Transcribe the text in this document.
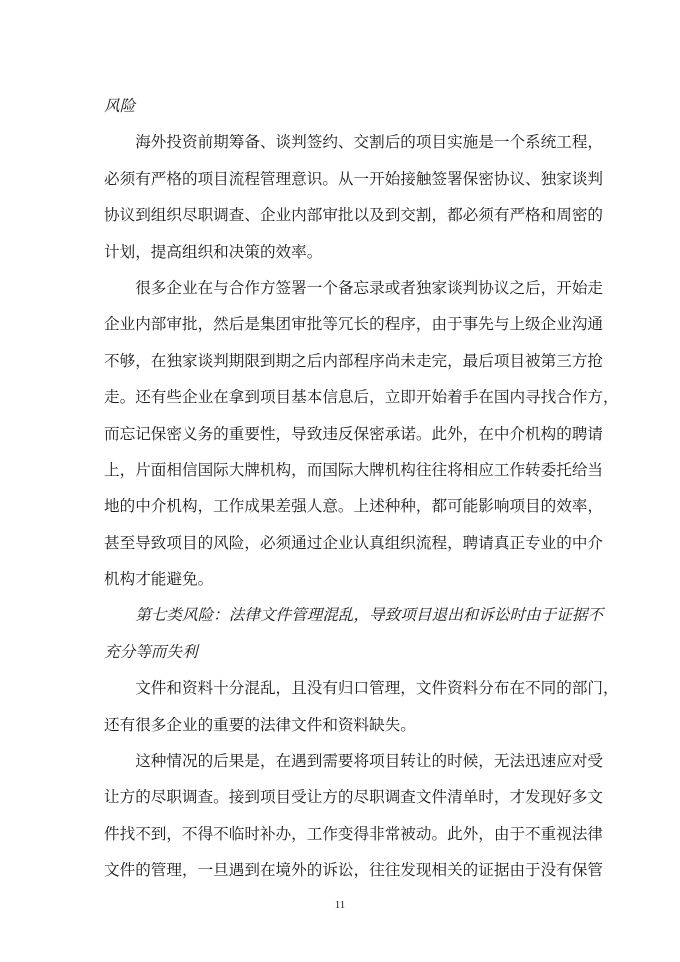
风险
海外投资前期筹备、谈判签约、交割后的项目实施是一个系统工程，
必须有严格的项目流程管理意识。从一开始接触签署保密协议、独家谈判
协议到组织尽职调查、企业内部审批以及到交割，都必须有严格和周密的
计划，提高组织和决策的效率。
很多企业在与合作方签署一个备忘录或者独家谈判协议之后，开始走
企业内部审批，然后是集团审批等冗长的程序，由于事先与上级企业沟通
不够，在独家谈判期限到期之后内部程序尚未走完，最后项目被第三方抢
走。还有些企业在拿到项目基本信息后，立即开始着手在国内寻找合作方，
而忘记保密义务的重要性，导致违反保密承诺。此外，在中介机构的聘请
上，片面相信国际大牌机构，而国际大牌机构往往将相应工作转委托给当
地的中介机构，工作成果差强人意。上述种种，都可能影响项目的效率，
甚至导致项目的风险，必须通过企业认真组织流程，聘请真正专业的中介
机构才能避免。
第七类风险：法律文件管理混乱，导致项目退出和诉讼时由于证据不
充分等而失利
文件和资料十分混乱，且没有归口管理，文件资料分布在不同的部门，
还有很多企业的重要的法律文件和资料缺失。
这种情况的后果是，在遇到需要将项目转让的时候，无法迅速应对受
让方的尽职调查。接到项目受让方的尽职调查文件清单时，才发现好多文
件找不到，不得不临时补办，工作变得非常被动。此外，由于不重视法律
文件的管理，一旦遇到在境外的诉讼，往往发现相关的证据由于没有保管
11
